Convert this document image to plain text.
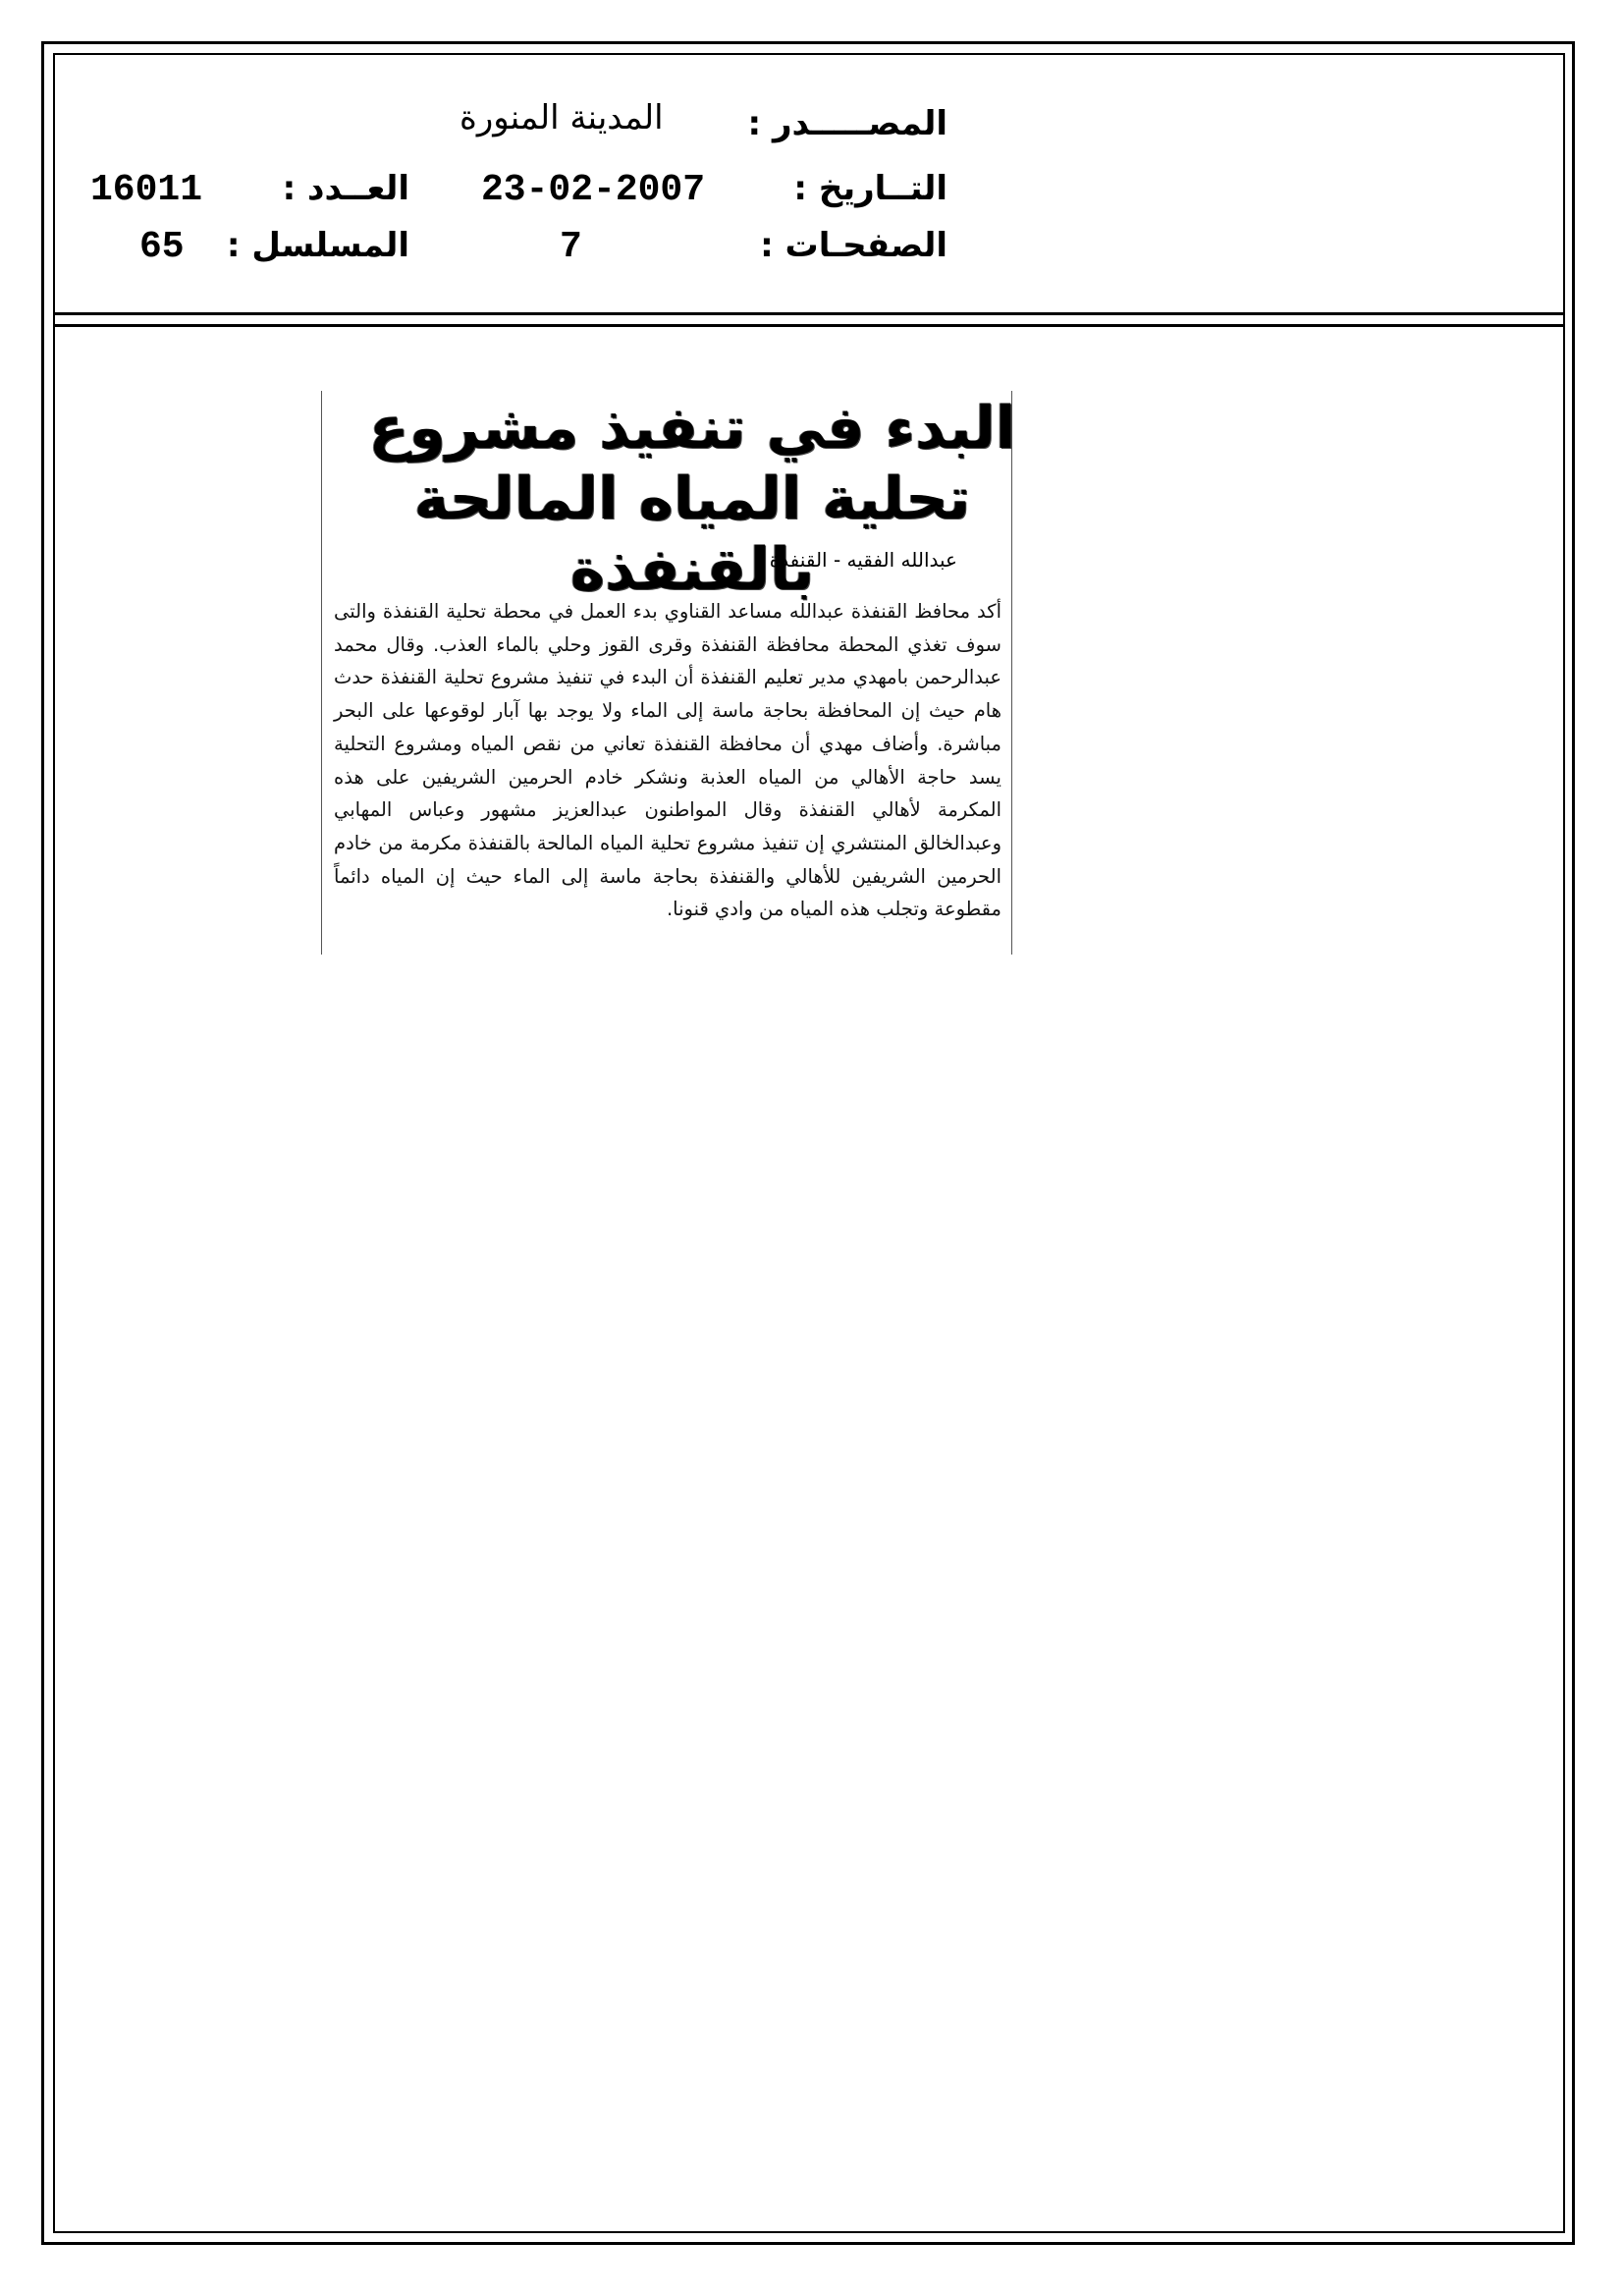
المصـــــدر :
المدينة المنورة
التــاريخ :
23-02-2007
العــدد :
16011
الصفحـات :
7
المسلسل :
65
البدء في تنفيذ مشروع
تحلية المياه المالحة بالقنفذة
عبدالله الفقيه - القنفذة
أكد محافظ القنفذة عبدالله مساعد القناوي بدء العمل في محطة تحلية القنفذة والتى سوف تغذي المحطة محافظة القنفذة وقرى القوز وحلي بالماء العذب. وقال محمد عبدالرحمن بامهدي مدير تعليم القنفذة أن البدء في تنفيذ مشروع تحلية القنفذة حدث هام حيث إن المحافظة بحاجة ماسة إلى الماء ولا يوجد بها آبار لوقوعها على البحر مباشرة. وأضاف مهدي أن محافظة القنفذة تعاني من نقص المياه ومشروع التحلية يسد حاجة الأهالي من المياه العذبة ونشكر خادم الحرمين الشريفين على هذه المكرمة لأهالي القنفذة وقال المواطنون عبدالعزيز مشهور وعباس المهابي وعبدالخالق المنتشري إن تنفيذ مشروع تحلية المياه المالحة بالقنفذة مكرمة من خادم الحرمين الشريفين للأهالي والقنفذة بحاجة ماسة إلى الماء حيث إن المياه دائماً مقطوعة وتجلب هذه المياه من وادي قنونا.
